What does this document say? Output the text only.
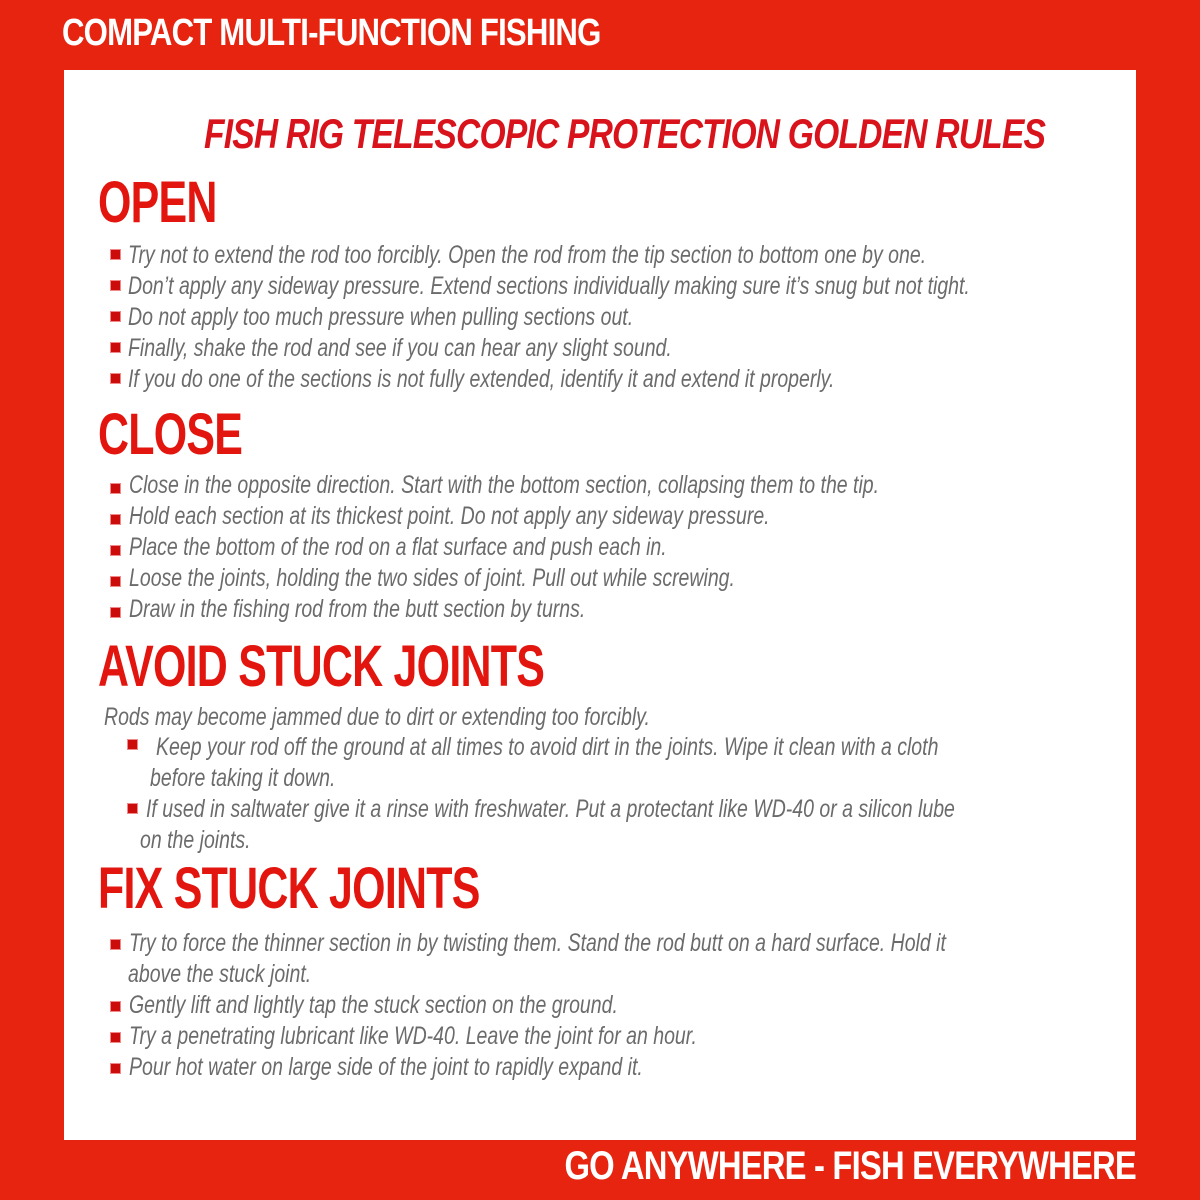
COMPACT MULTI-FUNCTION FISHING
FISH RIG TELESCOPIC PROTECTION GOLDEN RULES
OPEN
Try not to extend the rod too forcibly. Open the rod from the tip section to bottom one by one.
Don’t apply any sideway pressure. Extend sections individually making sure it’s snug but not tight.
Do not apply too much pressure when pulling sections out.
Finally, shake the rod and see if you can hear any slight sound.
If you do one of the sections is not fully extended, identify it and extend it properly.
CLOSE
Close in the opposite direction. Start with the bottom section, collapsing them to the tip.
Hold each section at its thickest point. Do not apply any sideway pressure.
Place the bottom of the rod on a flat surface and push each in.
Loose the joints, holding the two sides of joint. Pull out while screwing.
Draw in the fishing rod from the butt section by turns.
AVOID STUCK JOINTS
Rods may become jammed due to dirt or extending too forcibly.
Keep your rod off the ground at all times to avoid dirt in the joints. Wipe it clean with a cloth
before taking it down.
If used in saltwater give it a rinse with freshwater. Put a protectant like WD-40 or a silicon lube
on the joints.
FIX STUCK JOINTS
Try to force the thinner section in by twisting them. Stand the rod butt on a hard surface. Hold it
above the stuck joint.
Gently lift and lightly tap the stuck section on the ground.
Try a penetrating lubricant like WD-40. Leave the joint for an hour.
Pour hot water on large side of the joint to rapidly expand it.
GO ANYWHERE - FISH EVERYWHERE
